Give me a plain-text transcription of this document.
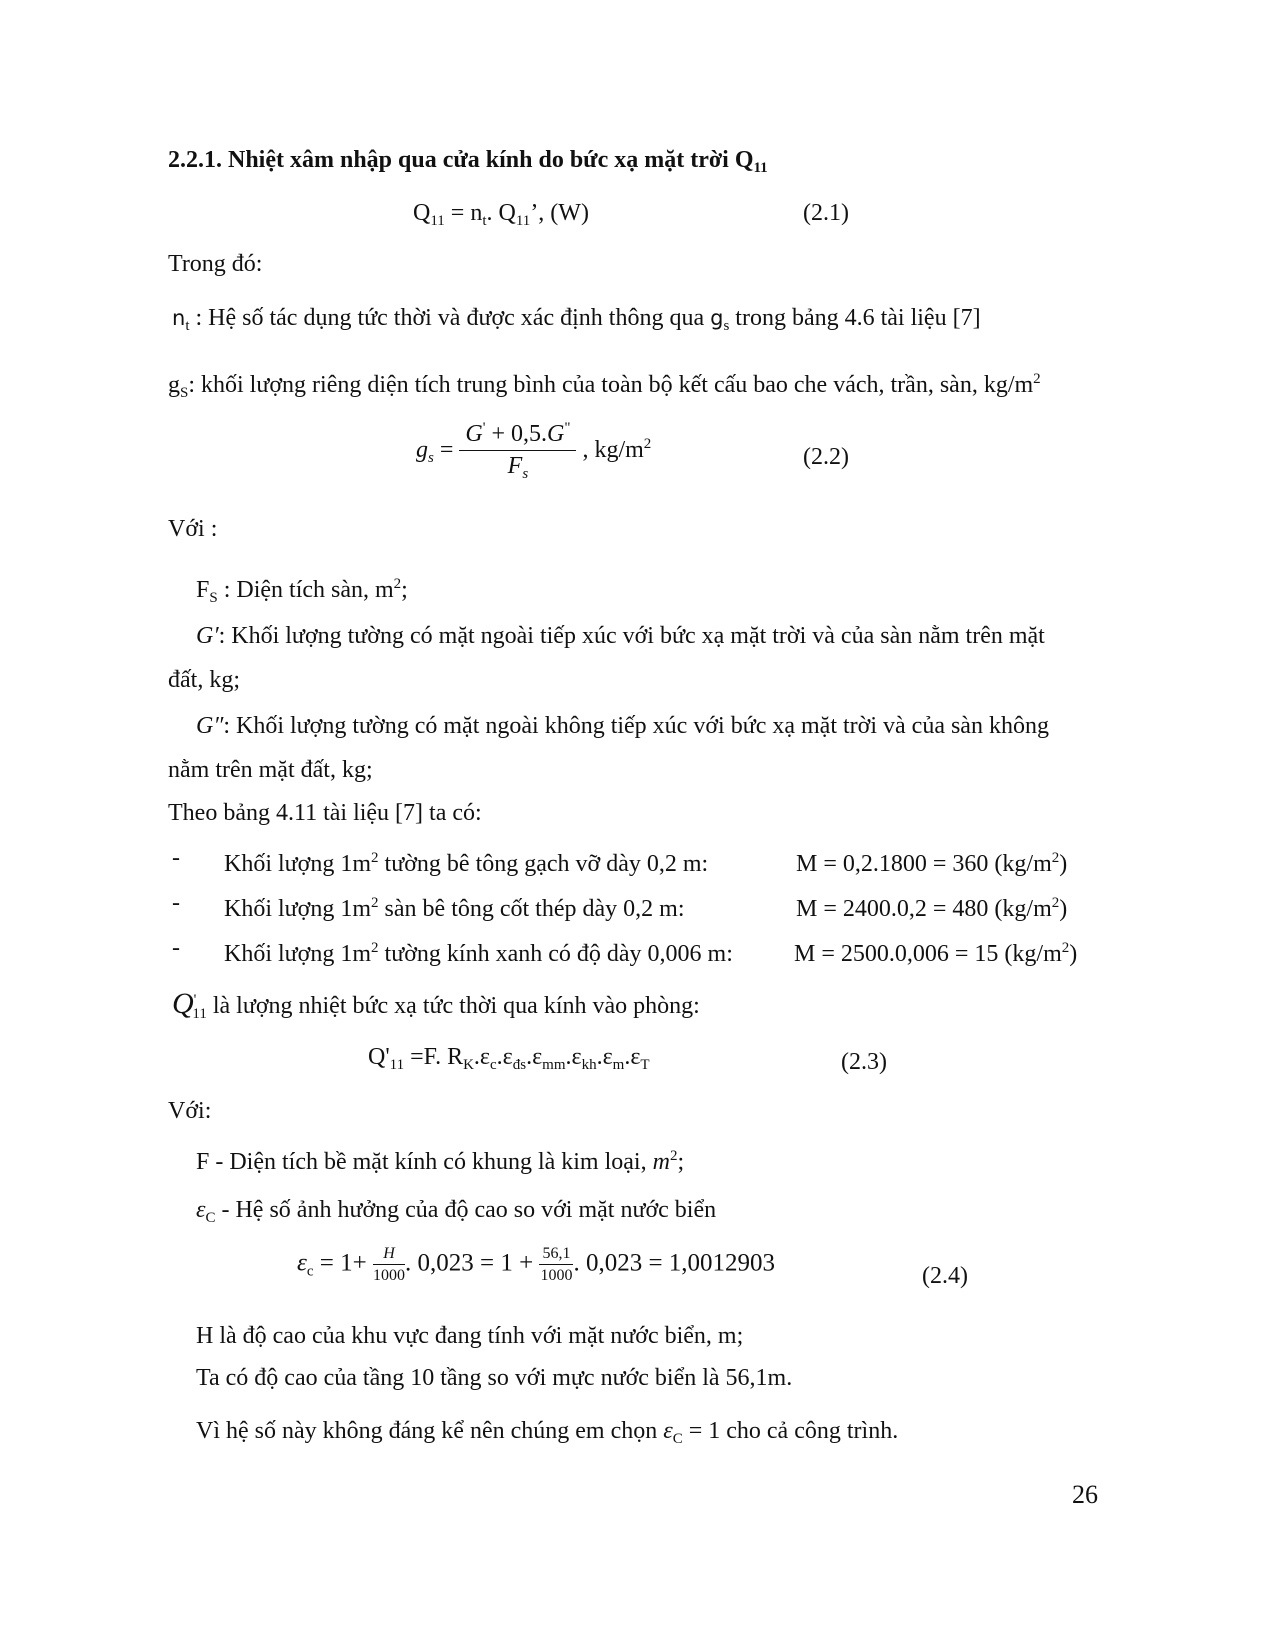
2.2.1. Nhiệt xâm nhập qua cửa kính do bức xạ mặt trời $Q_{11}$
$Q_{11} = n_t$. $Q_{11}$’, (W)	(2.1)
Trong đó:
$n_t$ : Hệ số tác dụng tức thời và được xác định thông qua $g_s$ trong bảng 4.6 tài liệu [7]
$g_S$: khối lượng riêng diện tích trung bình của toàn bộ kết cấu bao che vách, trần, sàn, $kg/m^2$
$g_s = \frac{G' + 0,5.G^"}{F_s}$ , $kg/m^2$	(2.2)
Với :
$F_S$ : Diện tích sàn, $m^2$;
G′: Khối lượng tường có mặt ngoài tiếp xúc với bức xạ mặt trời và của sàn nằm trên mặt
đất, kg;
G″: Khối lượng tường có mặt ngoài không tiếp xúc với bức xạ mặt trời và của sàn không
nằm trên mặt đất, kg;
Theo bảng 4.11 tài liệu [7] ta có:
- Khối lượng $1m^2$ tường bê tông gạch vỡ dày 0,2 m:	M = 0,2.1800 = 360 $(kg/m^2)$
- Khối lượng $1m^2$ sàn bê tông cốt thép dày 0,2 m:	M = 2400.0,2 = 480 $(kg/m^2)$
- Khối lượng $1m^2$ tường kính xanh có độ dày 0,006 m:	M = 2500.0,006 = 15 $(kg/m^2)$
$Q'_{11}$ là lượng nhiệt bức xạ tức thời qua kính vào phòng:
$Q'_{11} =F$. $R_K.\varepsilon_c.\varepsilon_{đs}.\varepsilon_{mm}.\varepsilon_{kh}.\varepsilon_m.\varepsilon_T$	(2.3)
Với:
F - Diện tích bề mặt kính có khung là kim loại, $m^2$;
$\varepsilon_C$ - Hệ số ảnh hưởng của độ cao so với mặt nước biển
$\varepsilon_c = 1+ \frac{H}{1000}$ . $0,023 = 1 + \frac{56,1}{1000}$ . 0,023 = 1,0012903	(2.4)
H là độ cao của khu vực đang tính với mặt nước biển, m;
Ta có độ cao của tầng 10 tầng so với mực nước biển là 56,1m.
Vì hệ số này không đáng kể nên chúng em chọn $\varepsilon_C = 1$ cho cả công trình.
26
